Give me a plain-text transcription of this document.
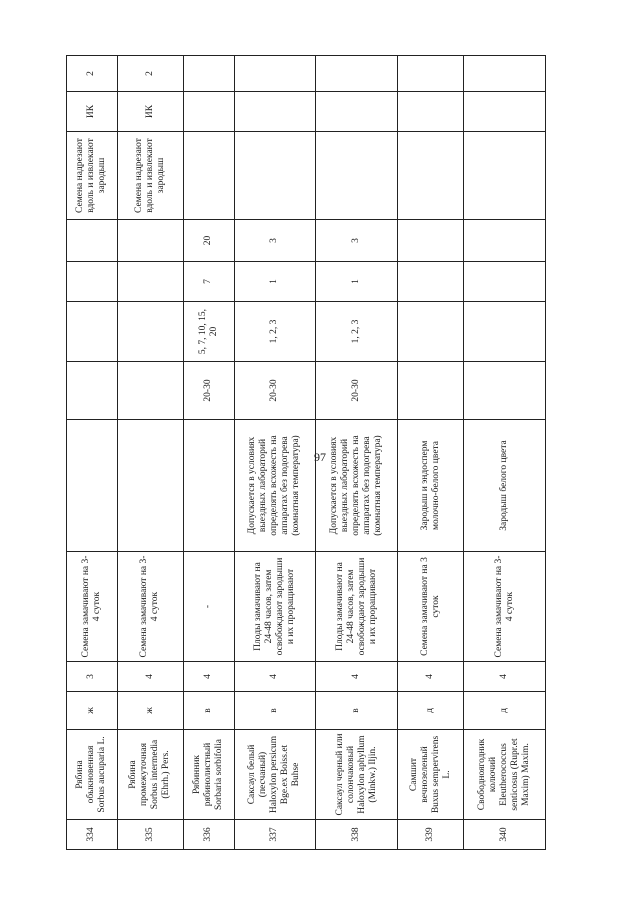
97
334	Рябина обыкновенная Sorbus aucuparia L.	ж	3	Семена замачивают на 3-4 суток						Семена надрезают вдоль и извлекают зародыш	ИК	2
335	Рябина промежуточная Sorbus intermedia (Ehrh.) Pers.	ж	4	Семена замачивают на 3-4 суток						Семена надрезают вдоль и извлекают зародыш	ИК	2
336	Рябинник рябинолистный Sorbaria sorbifolia	в	4	-		20-30	5, 7, 10, 15, 20	7	20			
337	Саксаул белый (песчаный) Haloxylon persicum Bge.ex Boiss.et Buhse	в	4	Плоды замачивают на 24-48 часов, затем освобождают зародыши и их проращивают	Допускается в условиях выездных лабораторий определять всхожесть на аппаратах без подогрева (комнатная температура)	20-30	1, 2, 3	1	3			
338	Саксаул черный или солончаковый Haloxylon aphyllum (Minkw.) Iljin.	в	4	Плоды замачивают на 24-48 часов, затем освобождают зародыши и их проращивают	Допускается в условиях выездных лабораторий определять всхожесть на аппаратах без подогрева (комнатная температура)	20-30	1, 2, 3	1	3			
339	Самшит вечнозеленый Buxus sempervirens L.	д	4	Семена замачивают на 3 суток	Зародыш и эндосперм молочно-белого цвета							
340	Свободноягодник колючий Eleutherococcus senticosus (Rupr.et Maxim) Maxim.	д	4	Семена замачивают на 3-4 суток	Зародыш белого цвета							
